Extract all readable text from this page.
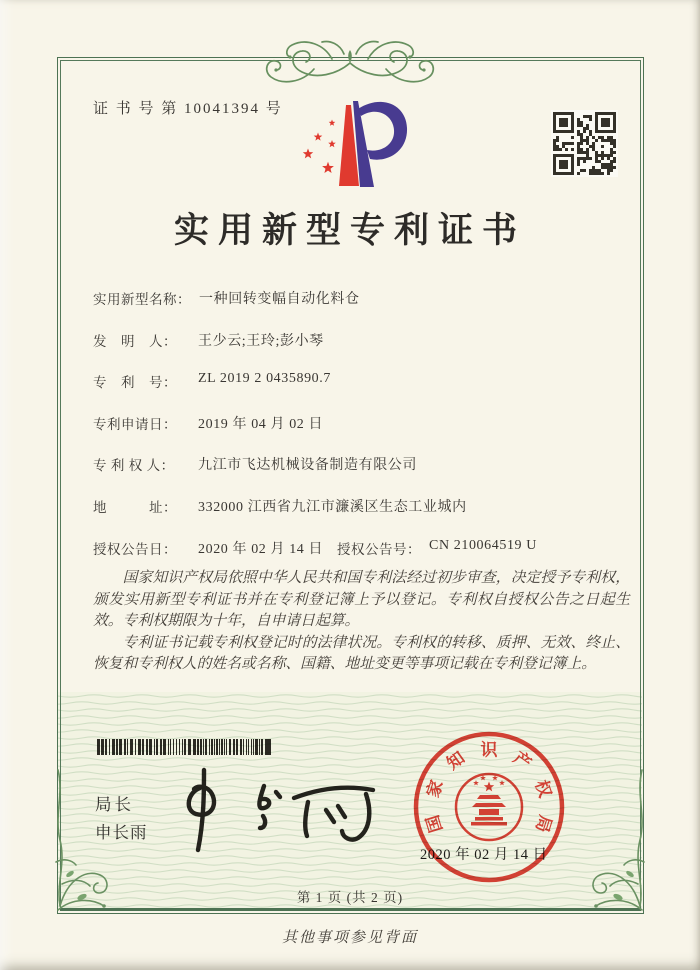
证 书 号 第 10041394 号
实用新型专利证书
实用新型名称： 一种回转变幅自动化料仓
发　明　人：	王少云;王玲;彭小琴
专　利　号：	ZL 2019 2 0435890.7
专利申请日：	2019 年 04 月 02 日
专 利 权 人：	九江市飞达机械设备制造有限公司
地　　　址：	332000 江西省九江市濂溪区生态工业城内
授权公告日：	2020 年 02 月 14 日 授权公告号： CN 210064519 U

国家知识产权局依照中华人民共和国专利法经过初步审查，决定授予专利权，颁发实用新型专利证书并在专利登记簿上予以登记。专利权自授权公告之日起生效。专利权期限为十年，自申请日起算。

专利证书记载专利权登记时的法律状况。专利权的转移、质押、无效、终止、恢复和专利权人的姓名或名称、国籍、地址变更等事项记载在专利登记簿上。

局长
申长雨
2020 年 02 月 14 日
国
家
知 识 产
权
局
第 1 页 (共 2 页)
其他事项参见背面
